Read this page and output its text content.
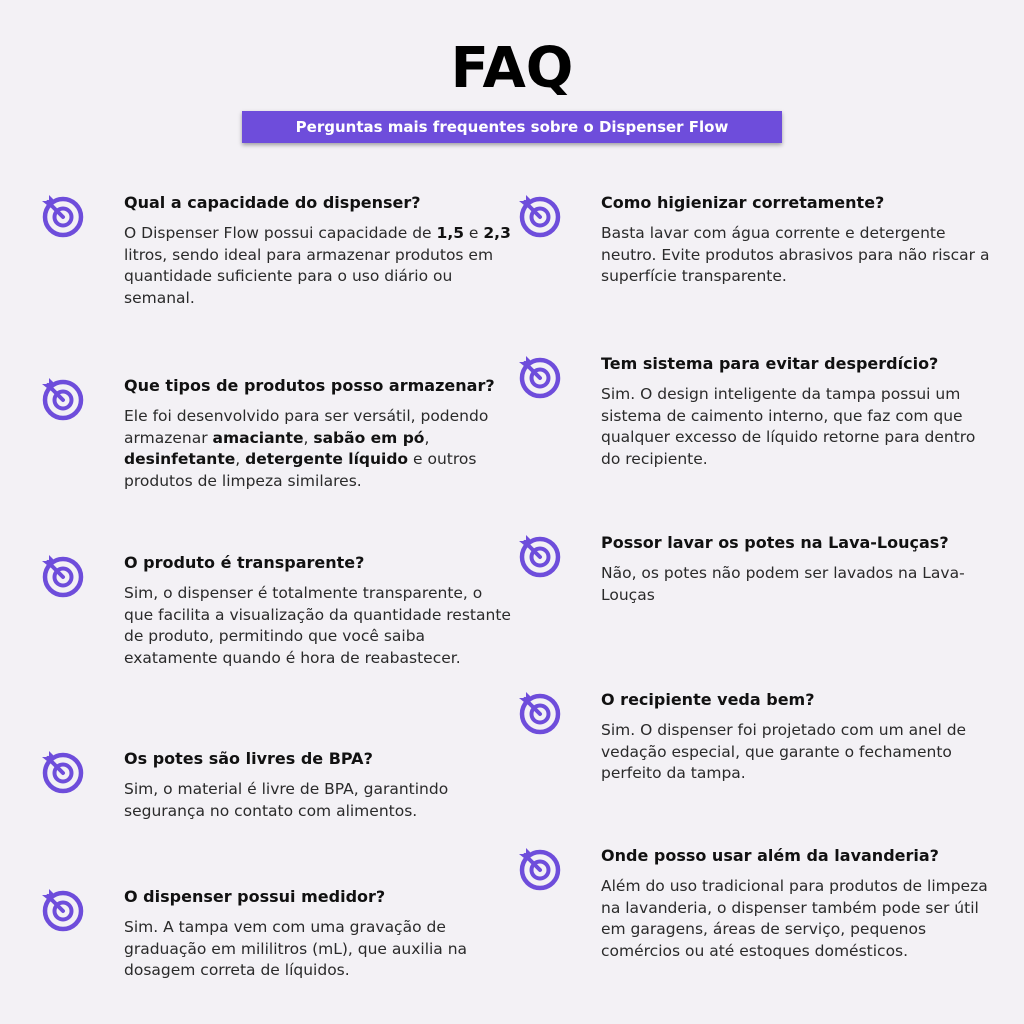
FAQ
Perguntas mais frequentes sobre o Dispenser Flow

Qual a capacidade do dispenser?

O Dispenser Flow possui capacidade de 1,5 e 2,3 litros, sendo ideal para armazenar produtos em quantidade suficiente para o uso diário ou semanal.

Que tipos de produtos posso armazenar?

Ele foi desenvolvido para ser versátil, podendo armazenar amaciante, sabão em pó, desinfetante, detergente líquido e outros produtos de limpeza similares.

O produto é transparente?

Sim, o dispenser é totalmente transparente, o que facilita a visualização da quantidade restante de produto, permitindo que você saiba exatamente quando é hora de reabastecer.

Os potes são livres de BPA?

Sim, o material é livre de BPA, garantindo segurança no contato com alimentos.

O dispenser possui medidor?

Sim. A tampa vem com uma gravação de graduação em mililitros (mL), que auxilia na dosagem correta de líquidos.

Como higienizar corretamente?

Basta lavar com água corrente e detergente neutro. Evite produtos abrasivos para não riscar a superfície transparente.

Tem sistema para evitar desperdício?

Sim. O design inteligente da tampa possui um sistema de caimento interno, que faz com que qualquer excesso de líquido retorne para dentro do recipiente.

Possor lavar os potes na Lava-Louças?

Não, os potes não podem ser lavados na Lava-Louças

O recipiente veda bem?

Sim. O dispenser foi projetado com um anel de vedação especial, que garante o fechamento perfeito da tampa.

Onde posso usar além da lavanderia?

Além do uso tradicional para produtos de limpeza na lavanderia, o dispenser também pode ser útil em garagens, áreas de serviço, pequenos comércios ou até estoques domésticos.
